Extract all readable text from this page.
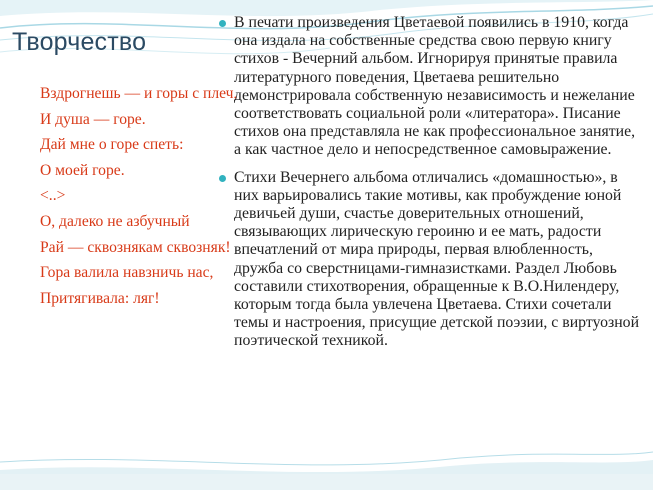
Творчество

Вздрогнешь — и горы с плеч,

И душа — горе.

Дай мне о горе спеть:

О моей горе.

<..>

О, далеко не азбучный

Рай — сквознякам сквозняк!

Гора валила навзничь нас,

Притягивала: ляг!

В печати произведения Цветаевой появились в 1910, когда она издала на собственные средства свою первую книгу стихов - Вечерний альбом. Игнорируя принятые правила литературного поведения, Цветаева решительно демонстрировала собственную независимость и нежелание соответствовать социальной роли «литератора». Писание стихов она представляла не как профессиональное занятие, а как частное дело и непосредственное самовыражение.

Стихи Вечернего альбома отличались «домашностью», в них варьировались такие мотивы, как пробуждение юной девичьей души, счастье доверительных отношений, связывающих лирическую героиню и ее мать, радости впечатлений от мира природы, первая влюбленность, дружба со сверстницами-гимназистками. Раздел Любовь составили стихотворения, обращенные к В.О.Нилендеру, которым тогда была увлечена Цветаева. Стихи сочетали темы и настроения, присущие детской поэзии, с виртуозной поэтической техникой.
